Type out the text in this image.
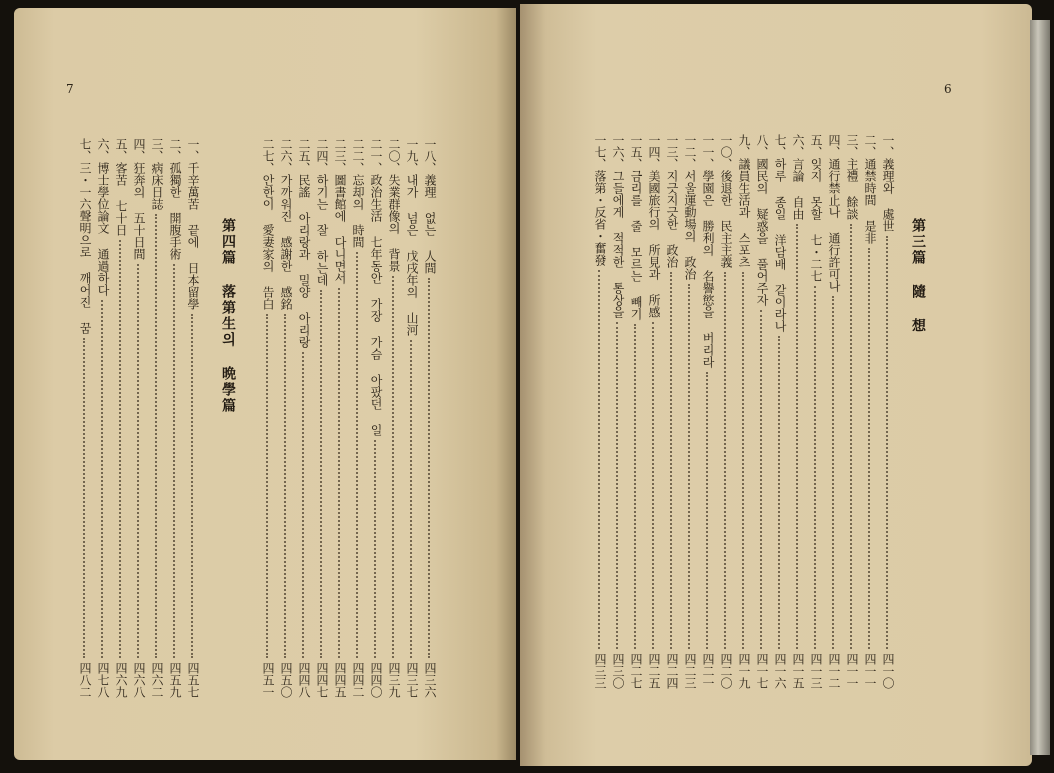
7	6
第四篇 落第生의 晩學篇	第三篇 隨 想
一八、義理 없는 人間
四三六
一九、내가 넘은 戊戌年의 山河
四三七
二〇、失業群像의 背景
四三九
二一、政治生活 七年동안 가장 가슴 아팠던 일
四四〇
二二、忘却의 時間
四四二
二三、圖書館에 다니면서
四四五
二四、하기는 잘 하는데
四四七
二五、民謠 아리랑과 밀양 아리랑
四四八
二六、가까워진 感謝한 感銘
四五〇
二七、안한이 愛妻家의 告白
四五一
一、千辛萬苦 끝에 日本留學
四五七
二、孤獨한 開腹手術
四五九
三、病床日誌
四六二
四、狂奔의 五十日間
四六八
五、客苦 七十日
四六九
六、博士學位論文 通過하다
四七八
七、三・一六聲明으로 깨어진 꿈
四八二
一、義理와 處世
四一〇
二、通禁時間 是非
四一一
三、主禮 餘談
四一一
四、通行禁止나 通行許可나
四一二
五、잊지 못할 七・二七
四一三
六、言論 自由
四一五
七、하루 종일 洋담배 같이라나
四一六
八、國民의 疑惑을 풀어주자
四一七
九、議員生活과 스포츠
四一九
一〇、後退한 民主主義
四二〇
一一、學園은 勝利의 名譽慾을 버리라
四二一
一二、서울運動場의 政治
四二三
一三、지긋지긋한 政治
四二四
一四、美國旅行의 所見과 所感
四二五
一五、금리를 줄 모르는 빼기
四二七
一六、그들에게 적적한 통상을
四三〇
一七、落第・反省・奮發
四三三
